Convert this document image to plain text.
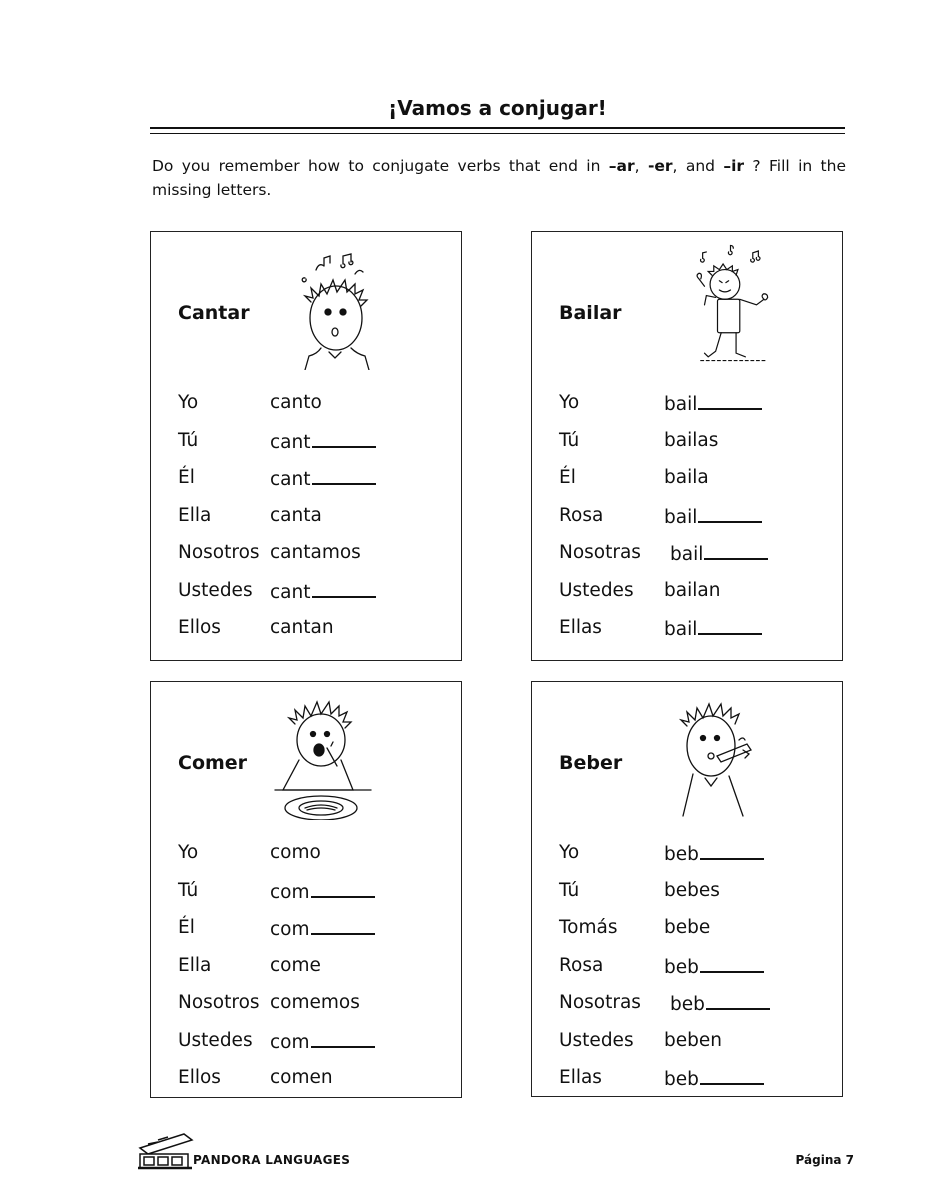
¡Vamos a conjugar!

Do you remember how to conjugate verbs that end in –ar, -er, and –ir ? Fill in the missing letters.

Cantar
Yo	canto
Tú	cant
Él	cant
Ella	canta
Nosotros cantamos
Ustedes cant
Ellos	cantan
Bailar
Yo	bail
Tú	bailas
Él	baila
Rosa	bail
Nosotras bail
Ustedes bailan
Ellas	bail
Comer
Yo	como
Tú	com
Él	com
Ella	come
Nosotros comemos
Ustedes com
Ellos	comen
Beber
Yo	beb
Tú	bebes
Tomás	bebe
Rosa	beb
Nosotras beb
Ustedes beben
Ellas	beb
PANDORA LANGUAGES	Página 7
